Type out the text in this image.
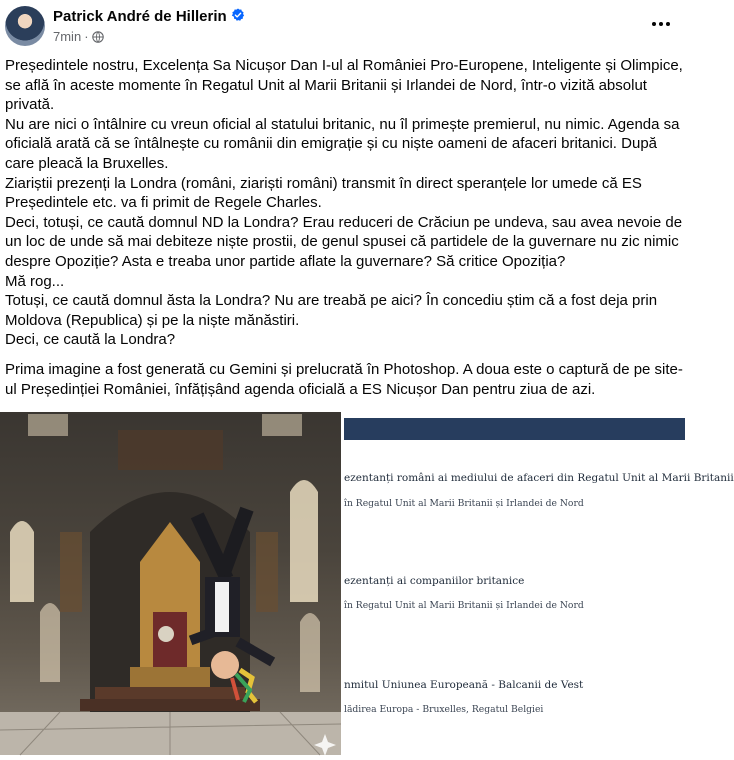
Patrick André de Hillerin
7min ·

Președintele nostru, Excelența Sa Nicușor Dan I-ul al României Pro-Europene, Inteligente și Olimpice, se află în aceste momente în Regatul Unit al Marii Britanii și Irlandei de Nord, într-o vizită absolut privată.

Nu are nici o întâlnire cu vreun oficial al statului britanic, nu îl primește premierul, nu nimic. Agenda sa oficială arată că se întâlnește cu românii din emigrație și cu niște oameni de afaceri britanici. După care pleacă la Bruxelles.

Ziariștii prezenți la Londra (români, ziariști români) transmit în direct speranțele lor umede că ES Președintele etc. va fi primit de Regele Charles.

Deci, totuși, ce caută domnul ND la Londra? Erau reduceri de Crăciun pe undeva, sau avea nevoie de un loc de unde să mai debiteze niște prostii, de genul spusei că partidele de la guvernare nu zic nimic despre Opoziție? Asta e treaba unor partide aflate la guvernare? Să critice Opoziția?

Mă rog...

Totuși, ce caută domnul ăsta la Londra? Nu are treabă pe aici? În concediu știm că a fost deja prin Moldova (Republica) și pe la niște mănăstiri.

Deci, ce caută la Londra?

Prima imagine a fost generată cu Gemini și prelucrată în Photoshop. A doua este o captură de pe site-ul Președinției României, înfățișând agenda oficială a ES Nicușor Dan pentru ziua de azi.

ezentanți români ai mediului de afaceri din Regatul Unit al Marii Britanii
în Regatul Unit al Marii Britanii și Irlandei de Nord
ezentanți ai companiilor britanice
în Regatul Unit al Marii Britanii și Irlandei de Nord
nmitul Uniunea Europeană - Balcanii de Vest
lădirea Europa - Bruxelles, Regatul Belgiei
